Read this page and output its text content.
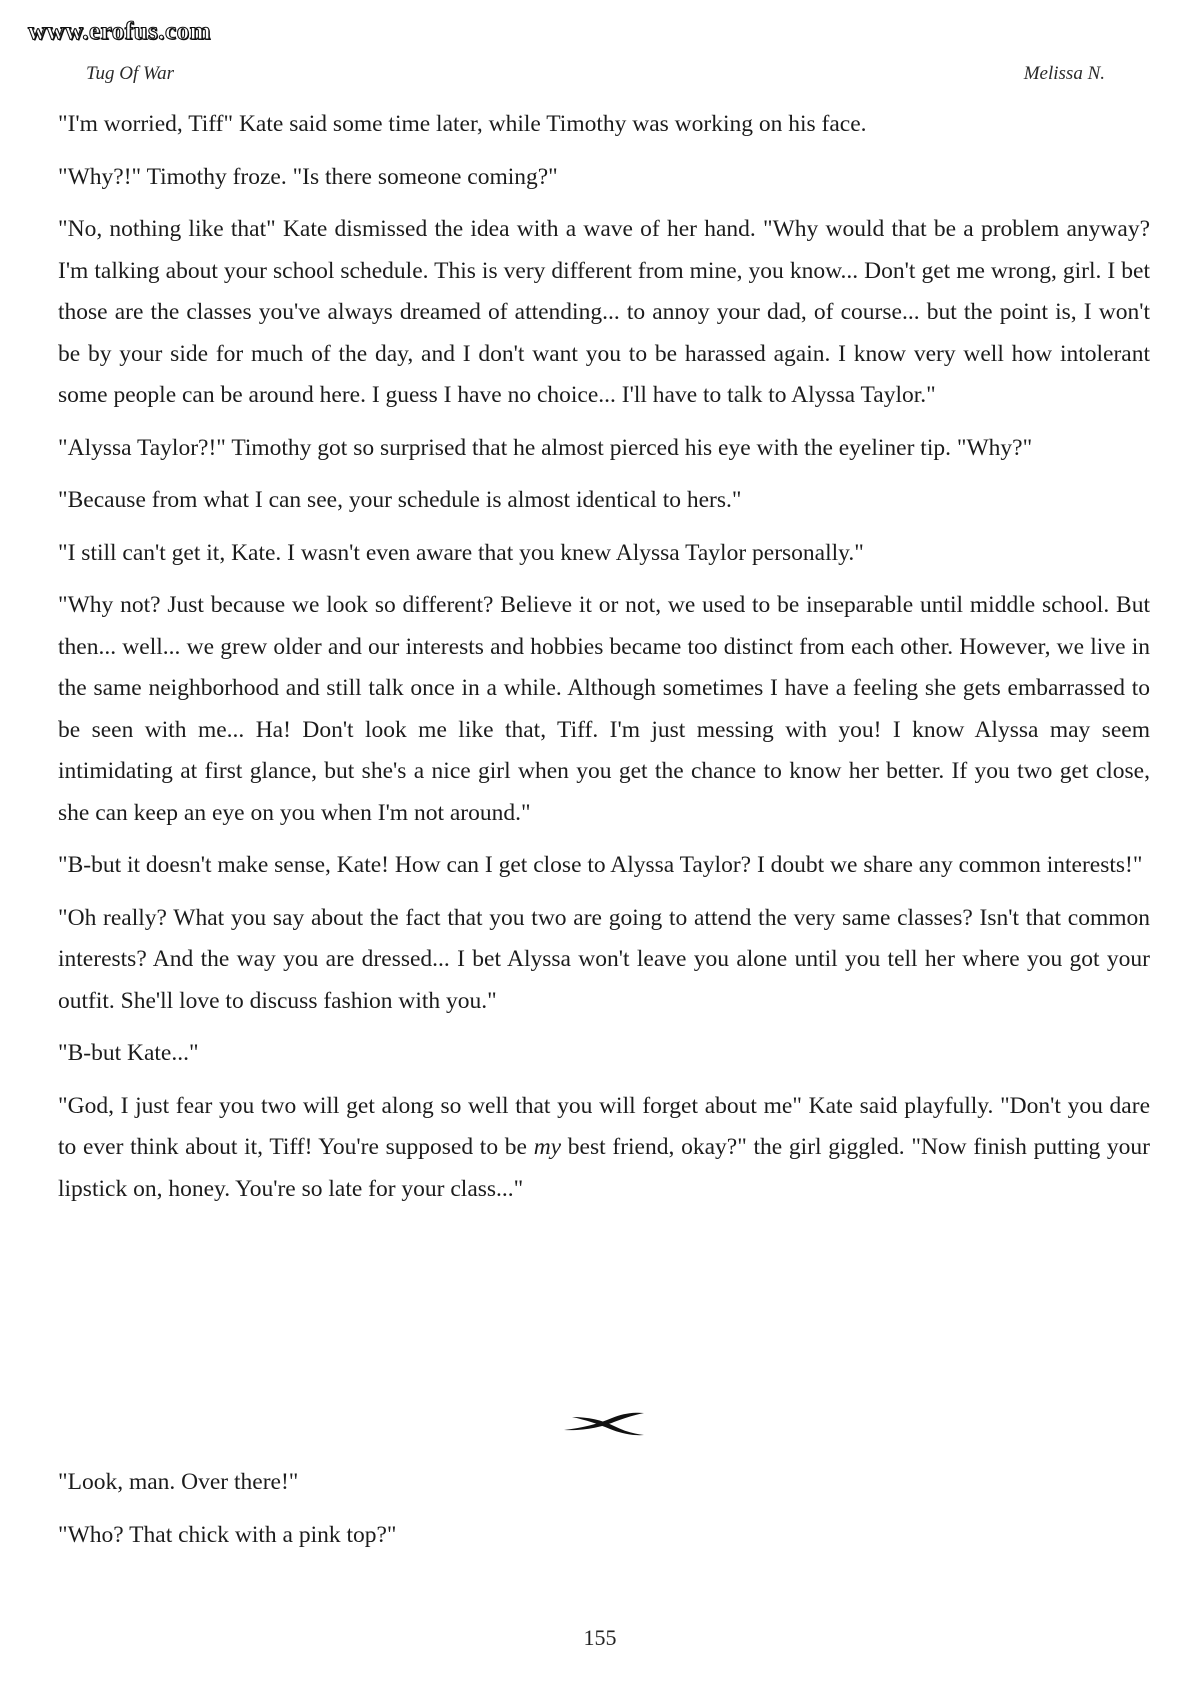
www.erofus.com
Tug Of War	Melissa N.

"I'm worried, Tiff" Kate said some time later, while Timothy was working on his face.

"Why?!" Timothy froze. "Is there someone coming?"

"No, nothing like that" Kate dismissed the idea with a wave of her hand. "Why would that be a problem anyway? I'm talking about your school schedule. This is very different from mine, you know... Don't get me wrong, girl. I bet those are the classes you've always dreamed of attending... to annoy your dad, of course... but the point is, I won't be by your side for much of the day, and I don't want you to be harassed again. I know very well how intolerant some people can be around here. I guess I have no choice... I'll have to talk to Alyssa Taylor."

"Alyssa Taylor?!" Timothy got so surprised that he almost pierced his eye with the eyeliner tip. "Why?"

"Because from what I can see, your schedule is almost identical to hers."

"I still can't get it, Kate. I wasn't even aware that you knew Alyssa Taylor personally."

"Why not? Just because we look so different? Believe it or not, we used to be inseparable until middle school. But then... well... we grew older and our interests and hobbies became too distinct from each other. However, we live in the same neighborhood and still talk once in a while. Although sometimes I have a feeling she gets embarrassed to be seen with me... Ha! Don't look me like that, Tiff. I'm just messing with you! I know Alyssa may seem intimidating at first glance, but she's a nice girl when you get the chance to know her better. If you two get close, she can keep an eye on you when I'm not around."

"B-but it doesn't make sense, Kate! How can I get close to Alyssa Taylor? I doubt we share any common interests!"

"Oh really? What you say about the fact that you two are going to attend the very same classes? Isn't that common interests? And the way you are dressed... I bet Alyssa won't leave you alone until you tell her where you got your outfit. She'll love to discuss fashion with you."

"B-but Kate..."

"God, I just fear you two will get along so well that you will forget about me" Kate said playfully. "Don't you dare to ever think about it, Tiff! You're supposed to be my best friend, okay?" the girl giggled. "Now finish putting your lipstick on, honey. You're so late for your class..."

"Look, man. Over there!"

"Who? That chick with a pink top?"

155
